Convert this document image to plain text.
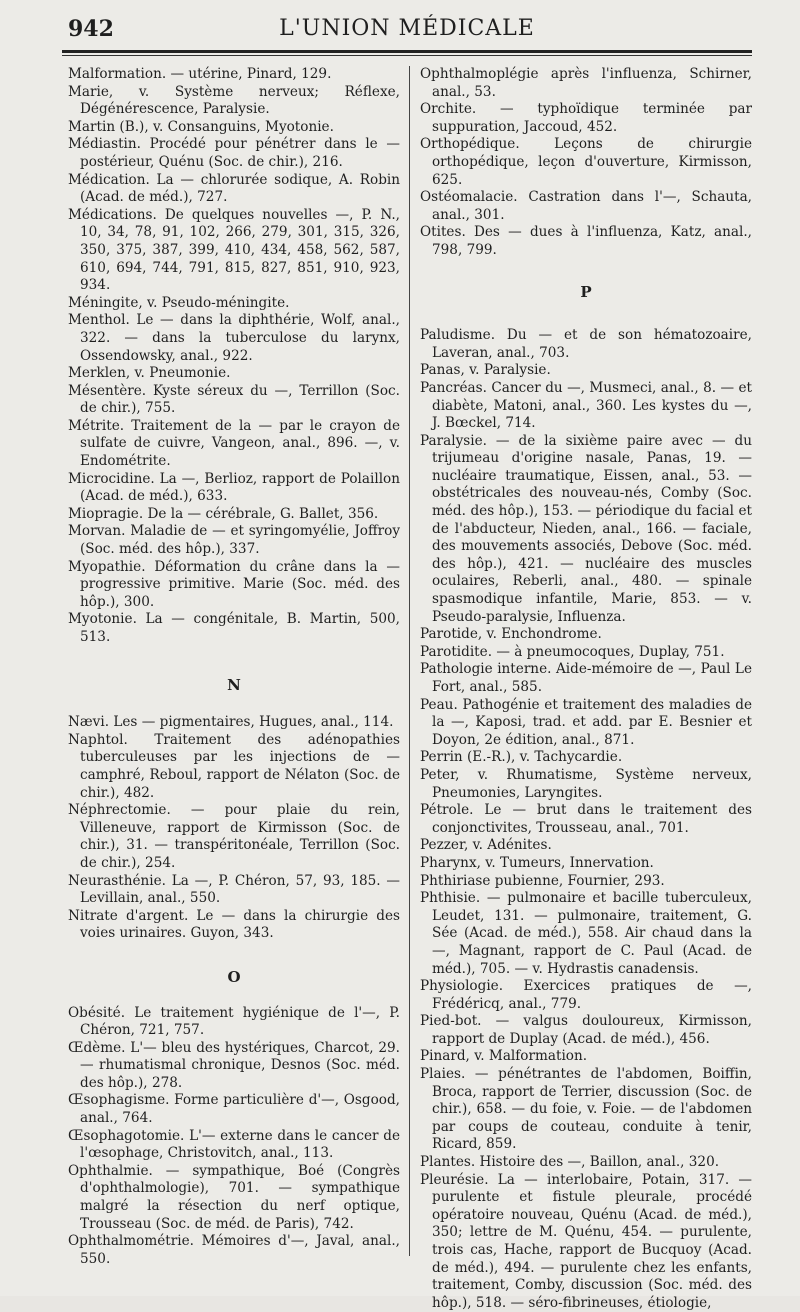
942	L'UNION MÉDICALE

Malformation. — utérine, Pinard, 129.

Marie, v. Système nerveux; Réflexe, Dégénérescence, Paralysie.

Martin (B.), v. Consanguins, Myotonie.

Médiastin. Procédé pour pénétrer dans le — postérieur, Quénu (Soc. de chir.), 216.

Médication. La — chlorurée sodique, A. Robin (Acad. de méd.), 727.

Médications. De quelques nouvelles —, P. N., 10, 34, 78, 91, 102, 266, 279, 301, 315, 326, 350, 375, 387, 399, 410, 434, 458, 562, 587, 610, 694, 744, 791, 815, 827, 851, 910, 923, 934.

Méningite, v. Pseudo-méningite.

Menthol. Le — dans la diphthérie, Wolf, anal., 322. — dans la tuberculose du larynx, Ossendowsky, anal., 922.

Merklen, v. Pneumonie.

Mésentère. Kyste séreux du —, Terrillon (Soc. de chir.), 755.

Métrite. Traitement de la — par le crayon de sulfate de cuivre, Vangeon, anal., 896. —, v. Endométrite.

Microcidine. La —, Berlioz, rapport de Polaillon (Acad. de méd.), 633.

Miopragie. De la — cérébrale, G. Ballet, 356.

Morvan. Maladie de — et syringomyélie, Joffroy (Soc. méd. des hôp.), 337.

Myopathie. Déformation du crâne dans la — progressive primitive. Marie (Soc. méd. des hôp.), 300.

Myotonie. La — congénitale, B. Martin, 500, 513.

N

Nævi. Les — pigmentaires, Hugues, anal., 114.

Naphtol. Traitement des adénopathies tuberculeuses par les injections de — camphré, Reboul, rapport de Nélaton (Soc. de chir.), 482.

Néphrectomie. — pour plaie du rein, Villeneuve, rapport de Kirmisson (Soc. de chir.), 31. — transpéritonéale, Terrillon (Soc. de chir.), 254.

Neurasthénie. La —, P. Chéron, 57, 93, 185. — Levillain, anal., 550.

Nitrate d'argent. Le — dans la chirurgie des voies urinaires. Guyon, 343.

O

Obésité. Le traitement hygiénique de l'—, P. Chéron, 721, 757.

Œdème. L'— bleu des hystériques, Charcot, 29. — rhumatismal chronique, Desnos (Soc. méd. des hôp.), 278.

Œsophagisme. Forme particulière d'—, Osgood, anal., 764.

Œsophagotomie. L'— externe dans le cancer de l'œsophage, Christovitch, anal., 113.

Ophthalmie. — sympathique, Boé (Congrès d'ophthalmologie), 701. — sympathique malgré la résection du nerf optique, Trousseau (Soc. de méd. de Paris), 742.

Ophthalmométrie. Mémoires d'—, Javal, anal., 550.

Ophthalmoplégie après l'influenza, Schirner, anal., 53.

Orchite. — typhoïdique terminée par suppuration, Jaccoud, 452.

Orthopédique. Leçons de chirurgie orthopédique, leçon d'ouverture, Kirmisson, 625.

Ostéomalacie. Castration dans l'—, Schauta, anal., 301.

Otites. Des — dues à l'influenza, Katz, anal., 798, 799.

P

Paludisme. Du — et de son hématozoaire, Laveran, anal., 703.

Panas, v. Paralysie.

Pancréas. Cancer du —, Musmeci, anal., 8. — et diabète, Matoni, anal., 360. Les kystes du —, J. Bœckel, 714.

Paralysie. — de la sixième paire avec — du trijumeau d'origine nasale, Panas, 19. — nucléaire traumatique, Eissen, anal., 53. — obstétricales des nouveau-nés, Comby (Soc. méd. des hôp.), 153. — périodique du facial et de l'abducteur, Nieden, anal., 166. — faciale, des mouvements associés, Debove (Soc. méd. des hôp.), 421. — nucléaire des muscles oculaires, Reberli, anal., 480. — spinale spasmodique infantile, Marie, 853. — v. Pseudo-paralysie, Influenza.

Parotide, v. Enchondrome.

Parotidite. — à pneumocoques, Duplay, 751.

Pathologie interne. Aide-mémoire de —, Paul Le Fort, anal., 585.

Peau. Pathogénie et traitement des maladies de la —, Kaposi, trad. et add. par E. Besnier et Doyon, 2e édition, anal., 871.

Perrin (E.-R.), v. Tachycardie.

Peter, v. Rhumatisme, Système nerveux, Pneumonies, Laryngites.

Pétrole. Le — brut dans le traitement des conjonctivites, Trousseau, anal., 701.

Pezzer, v. Adénites.

Pharynx, v. Tumeurs, Innervation.

Phthiriase pubienne, Fournier, 293.

Phthisie. — pulmonaire et bacille tuberculeux, Leudet, 131. — pulmonaire, traitement, G. Sée (Acad. de méd.), 558. Air chaud dans la —, Magnant, rapport de C. Paul (Acad. de méd.), 705. — v. Hydrastis canadensis.

Physiologie. Exercices pratiques de —, Frédéricq, anal., 779.

Pied-bot. — valgus douloureux, Kirmisson, rapport de Duplay (Acad. de méd.), 456.

Pinard, v. Malformation.

Plaies. — pénétrantes de l'abdomen, Boiffin, Broca, rapport de Terrier, discussion (Soc. de chir.), 658. — du foie, v. Foie. — de l'abdomen par coups de couteau, conduite à tenir, Ricard, 859.

Plantes. Histoire des —, Baillon, anal., 320.

Pleurésie. La — interlobaire, Potain, 317. — purulente et fistule pleurale, procédé opératoire nouveau, Quénu (Acad. de méd.), 350; lettre de M. Quénu, 454. — purulente, trois cas, Hache, rapport de Bucquoy (Acad. de méd.), 494. — purulente chez les enfants, traitement, Comby, discussion (Soc. méd. des hôp.), 518. — séro-fibrineuses, étiologie,
